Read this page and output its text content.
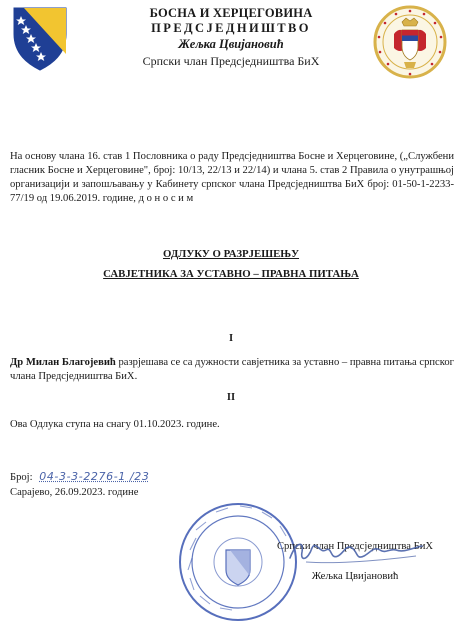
БОСНА И ХЕРЦЕГОВИНА
ПРЕДСЈЕДНИШТВО
Жељка Цвијановић
Српски члан Предсједништва БиХ
На основу члана 16. став 1 Пословника о раду Предсједништва Босне и Херцеговине, („Службени гласник Босне и Херцеговине", број: 10/13, 22/13 и 22/14) и члана 5. став 2 Правила о унутрашњој организацији и запошљавању у Кабинету српског члана Предсједништва БиХ број: 01-50-1-2233-77/19 од 19.06.2019. године, д о н о с и м
ОДЛУКУ О РАЗРЈЕШЕЊУ
САВЈЕТНИКА ЗА УСТАВНО – ПРАВНА ПИТАЊА
I
Др Милан Благојевић разрјешава се са дужности савјетника за уставно – правна питања српског члана Предсједништва БиХ.
II
Ова Одлука ступа на снагу 01.10.2023. године.
Број: 04-3-3-2276-1 /23
Сарајево, 26.09.2023. године
Српски члан Предсједништва БиХ
Жељка Цвијановић
